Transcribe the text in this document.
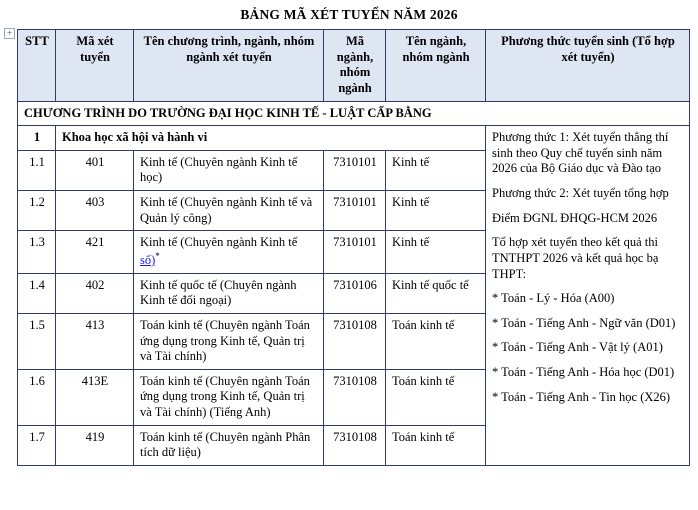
BẢNG MÃ XÉT TUYỂN NĂM 2026
+
STT	Mã xét tuyển	Tên chương trình, ngành, nhóm ngành xét tuyển	Mã ngành, nhóm ngành	Tên ngành, nhóm ngành	Phương thức tuyển sinh (Tổ hợp xét tuyển)
CHƯƠNG TRÌNH DO TRƯỜNG ĐẠI HỌC KINH TẾ - LUẬT CẤP BẰNG					
1	Khoa học xã hội và hành vi	Phương thức 1: Xét tuyển thẳng thí sinh theo Quy chế tuyển sinh năm 2026 của Bộ Giáo dục và Đào tạo

Phương thức 2: Xét tuyển tổng hợp

Điểm ĐGNL ĐHQG-HCM 2026

Tổ hợp xét tuyển theo kết quả thi TNTHPT 2026 và kết quả học bạ THPT:

* Toán - Lý - Hóa (A00)

* Toán - Tiếng Anh - Ngữ văn (D01)

* Toán - Tiếng Anh - Vật lý (A01)

* Toán - Tiếng Anh - Hóa học (D01)

* Toán - Tiếng Anh - Tin học (X26)

1.1	401	Kinh tế (Chuyên ngành Kinh tế học)	7310101	Kinh tế	
1.2	403	Kinh tế (Chuyên ngành Kinh tế và Quản lý công)	7310101	Kinh tế	
1.3	421	Kinh tế (Chuyên ngành Kinh tế số)*	7310101	Kinh tế	
1.4	402	Kinh tế quốc tế (Chuyên ngành Kinh tế đối ngoại)	7310106	Kinh tế quốc tế	
1.5	413	Toán kinh tế (Chuyên ngành Toán ứng dụng trong Kinh tế, Quản trị và Tài chính)	7310108	Toán kinh tế	
1.6	413E	Toán kinh tế (Chuyên ngành Toán ứng dụng trong Kinh tế, Quản trị và Tài chính) (Tiếng Anh)	7310108	Toán kinh tế	
1.7	419	Toán kinh tế (Chuyên ngành Phân tích dữ liệu)	7310108	Toán kinh tế	
